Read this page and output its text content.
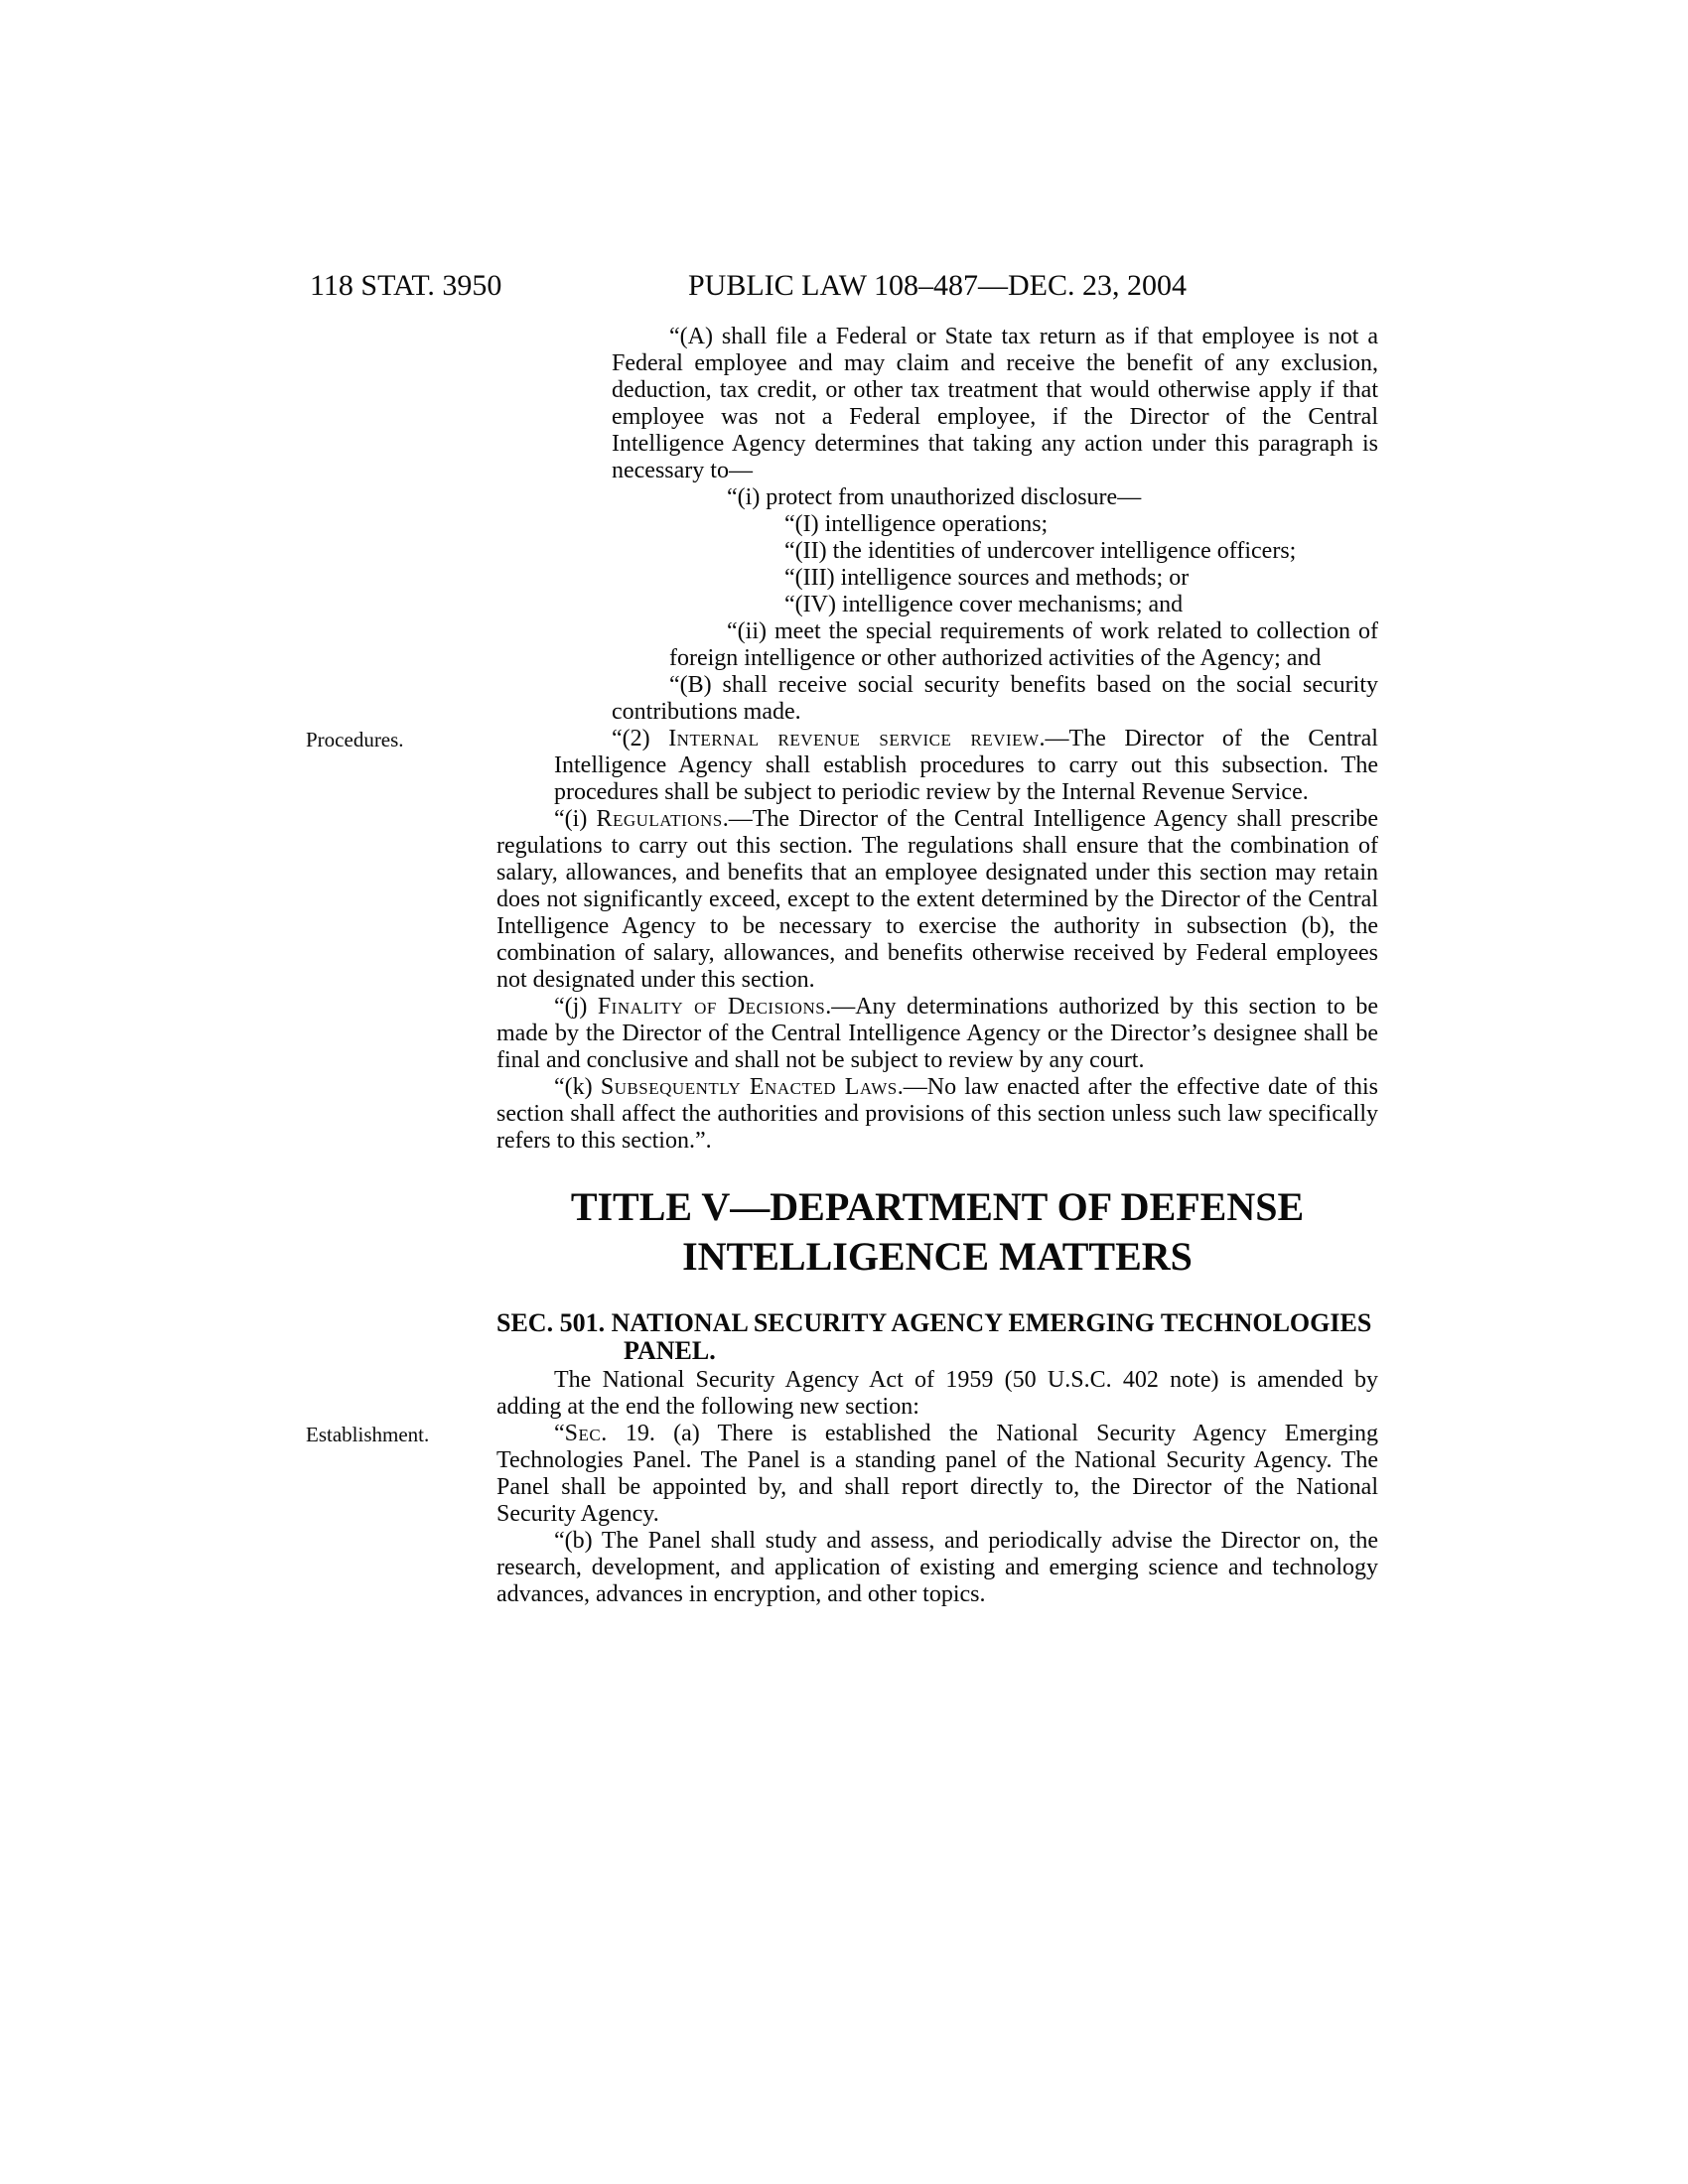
118 STAT. 3950	PUBLIC LAW 108–487—DEC. 23, 2004

“(A) shall file a Federal or State tax return as if that employee is not a Federal employee and may claim and receive the benefit of any exclusion, deduction, tax credit, or other tax treatment that would otherwise apply if that employee was not a Federal employee, if the Director of the Central Intelligence Agency determines that taking any action under this paragraph is necessary to—

“(i) protect from unauthorized disclosure—

“(I) intelligence operations;

“(II) the identities of undercover intelligence officers;

“(III) intelligence sources and methods; or

“(IV) intelligence cover mechanisms; and

“(ii) meet the special requirements of work related to collection of foreign intelligence or other authorized activities of the Agency; and

“(B) shall receive social security benefits based on the social security contributions made.

Procedures.	“(2) Internal revenue service review.—The Director of the Central Intelligence Agency shall establish procedures to carry out this subsection. The procedures shall be subject to periodic review by the Internal Revenue Service.

“(i) Regulations.—The Director of the Central Intelligence Agency shall prescribe regulations to carry out this section. The regulations shall ensure that the combination of salary, allowances, and benefits that an employee designated under this section may retain does not significantly exceed, except to the extent determined by the Director of the Central Intelligence Agency to be necessary to exercise the authority in subsection (b), the combination of salary, allowances, and benefits otherwise received by Federal employees not designated under this section.

“(j) Finality of Decisions.—Any determinations authorized by this section to be made by the Director of the Central Intelligence Agency or the Director’s designee shall be final and conclusive and shall not be subject to review by any court.

“(k) Subsequently Enacted Laws.—No law enacted after the effective date of this section shall affect the authorities and provisions of this section unless such law specifically refers to this section.”.

TITLE V—DEPARTMENT OF DEFENSE
INTELLIGENCE MATTERS
SEC. 501. NATIONAL SECURITY AGENCY EMERGING TECHNOLOGIES
PANEL.

The National Security Agency Act of 1959 (50 U.S.C. 402 note) is amended by adding at the end the following new section:

Establishment.	“Sec. 19. (a) There is established the National Security Agency Emerging Technologies Panel. The Panel is a standing panel of the National Security Agency. The Panel shall be appointed by, and shall report directly to, the Director of the National Security Agency.

“(b) The Panel shall study and assess, and periodically advise the Director on, the research, development, and application of existing and emerging science and technology advances, advances in encryption, and other topics.
